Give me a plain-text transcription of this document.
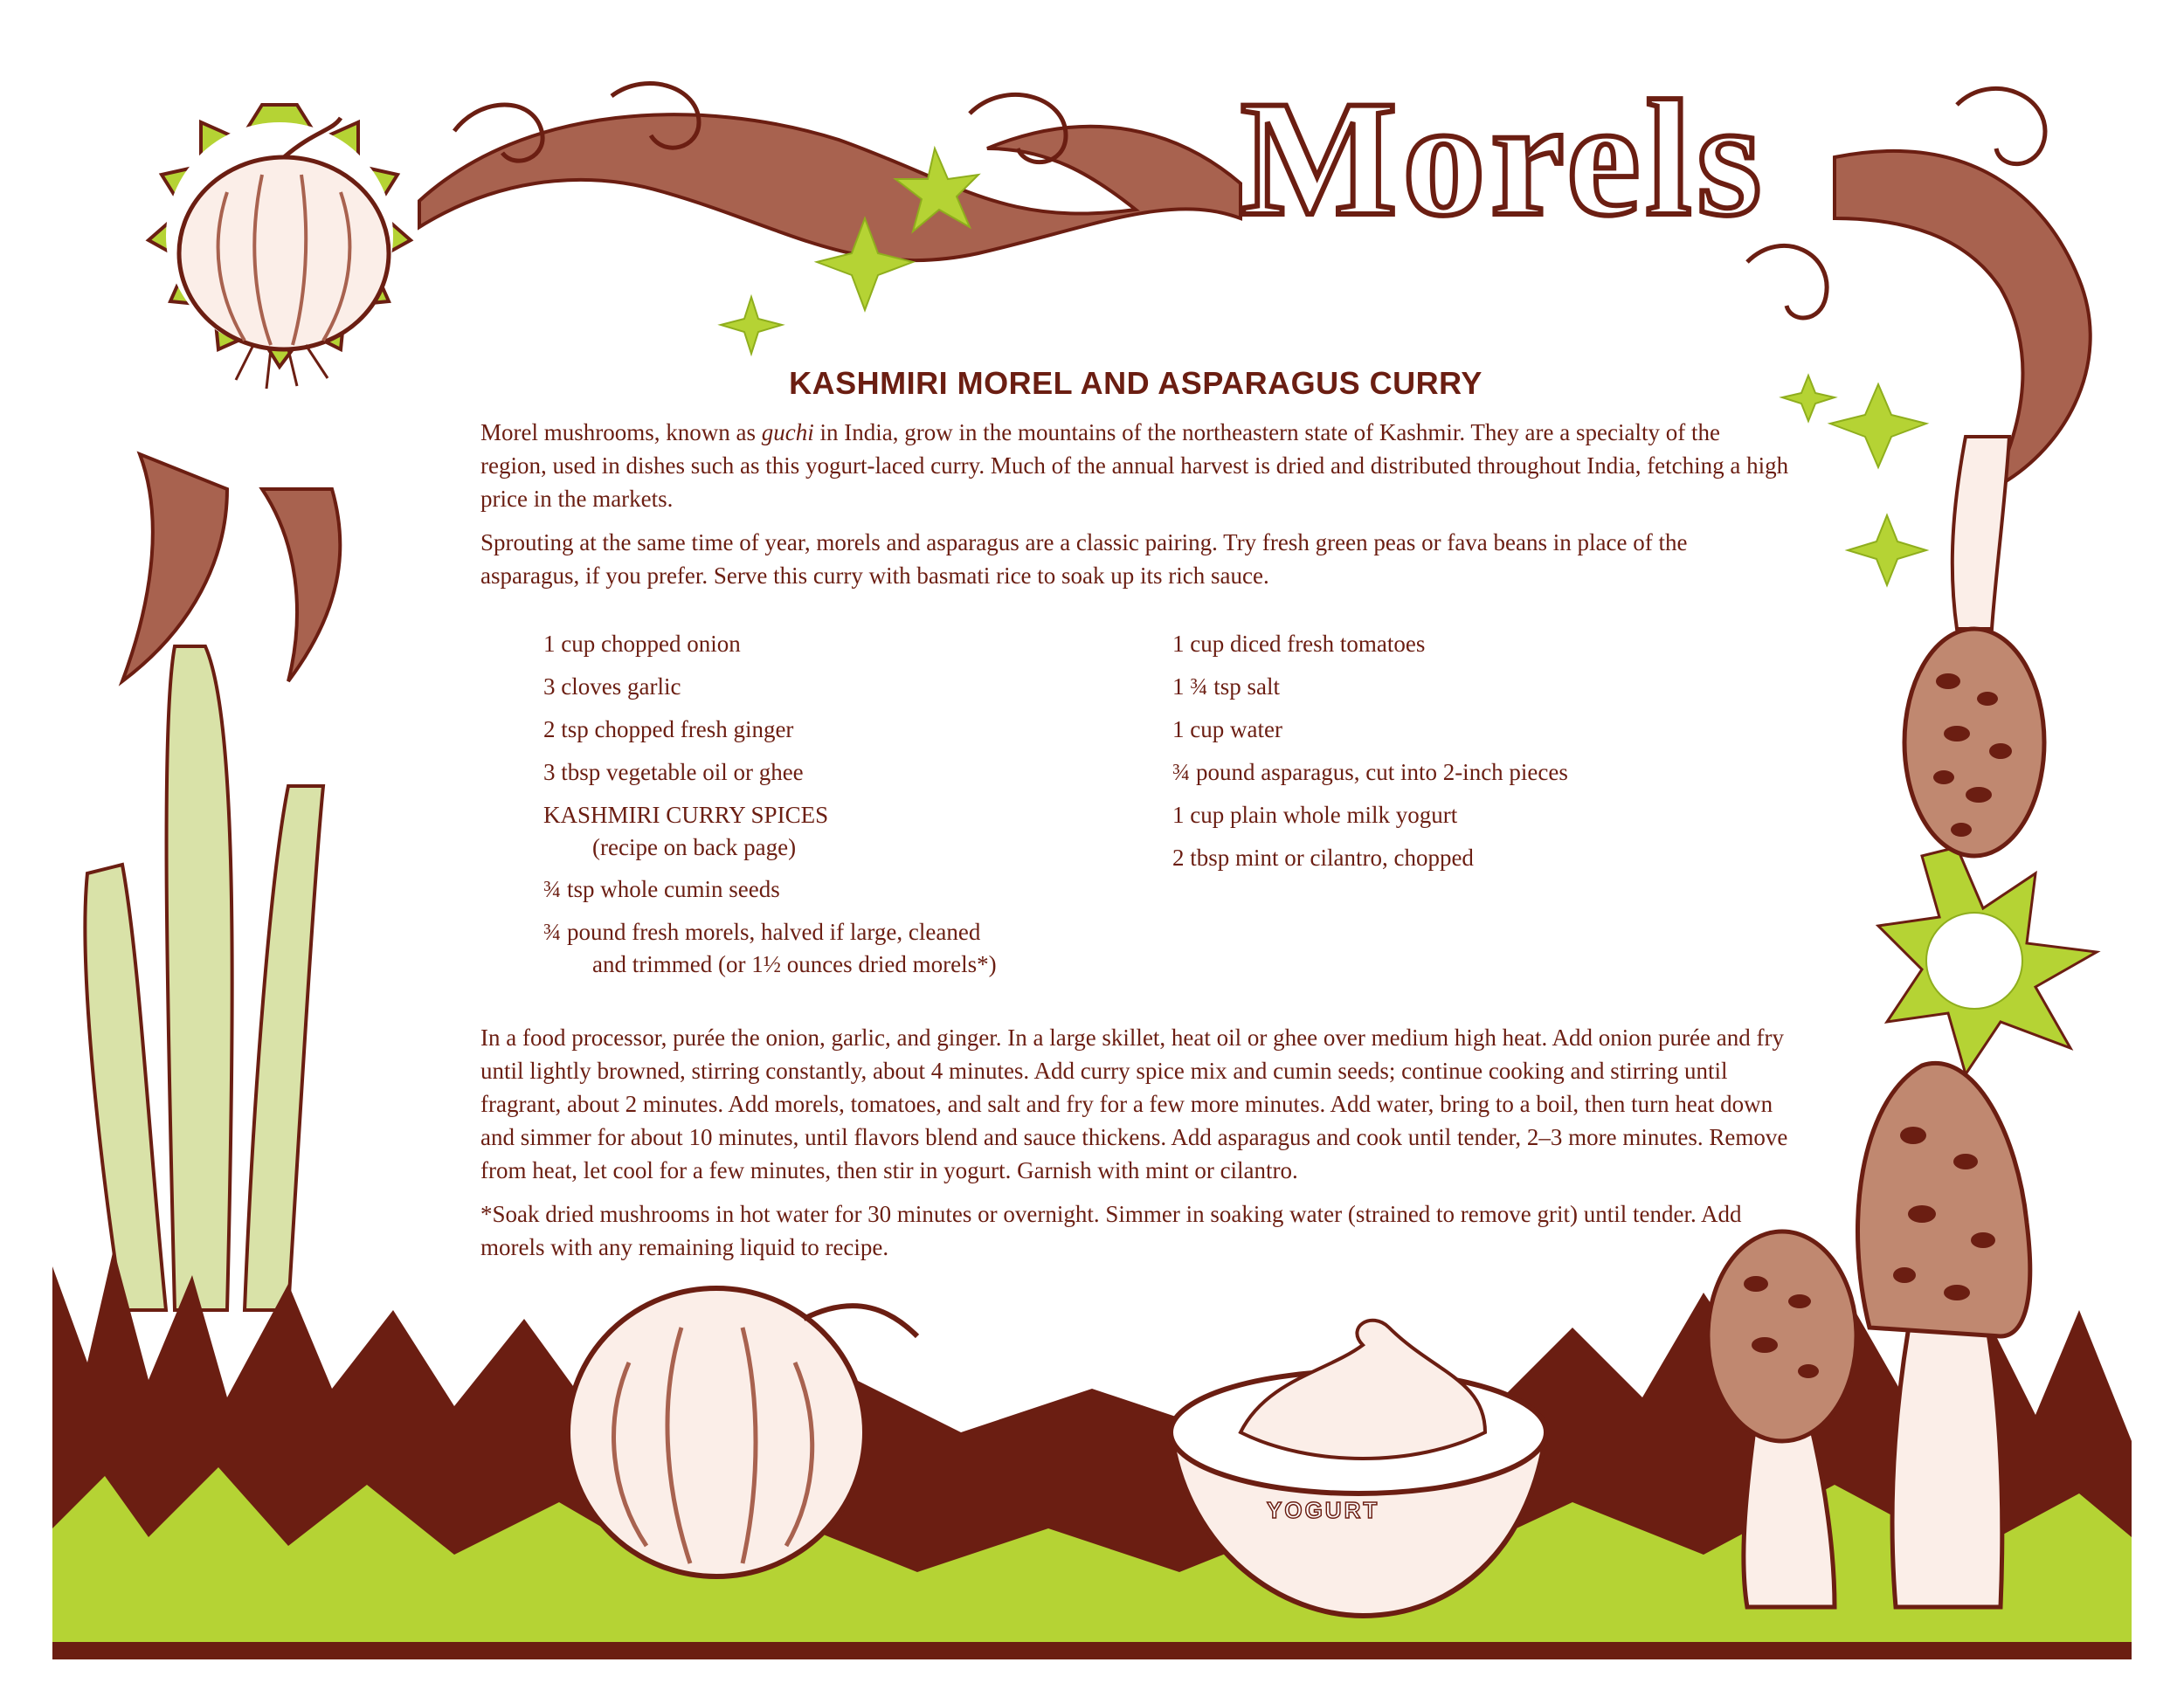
YOGURT
Morels
KASHMIRI MOREL AND ASPARAGUS CURRY

Morel mushrooms, known as guchi in India, grow in the mountains of the northeastern state of Kashmir. They are a specialty of the region, used in dishes such as this yogurt-laced curry. Much of the annual harvest is dried and distributed throughout India, fetching a high price in the markets.

Sprouting at the same time of year, morels and asparagus are a classic pairing. Try fresh green peas or fava beans in place of the asparagus, if you prefer. Serve this curry with basmati rice to soak up its rich sauce.

1 cup chopped onion
3 cloves garlic
2 tsp chopped fresh ginger
3 tbsp vegetable oil or ghee
KASHMIRI CURRY SPICES
(recipe on back page)
¾ tsp whole cumin seeds
¾ pound fresh morels, halved if large, cleaned
and trimmed (or 1½ ounces dried morels*)
1 cup diced fresh tomatoes
1 ¾ tsp salt
1 cup water
¾ pound asparagus, cut into 2-inch pieces
1 cup plain whole milk yogurt
2 tbsp mint or cilantro, chopped

In a food processor, purée the onion, garlic, and ginger. In a large skillet, heat oil or ghee over medium high heat. Add onion purée and fry until lightly browned, stirring constantly, about 4 minutes. Add curry spice mix and cumin seeds; continue cooking and stirring until fragrant, about 2 minutes. Add morels, tomatoes, and salt and fry for a few more minutes. Add water, bring to a boil, then turn heat down and simmer for about 10 minutes, until flavors blend and sauce thickens. Add asparagus and cook until tender, 2–3 more minutes. Remove from heat, let cool for a few minutes, then stir in yogurt. Garnish with mint or cilantro.

*Soak dried mushrooms in hot water for 30 minutes or overnight. Simmer in soaking water (strained to remove grit) until tender. Add morels with any remaining liquid to recipe.
